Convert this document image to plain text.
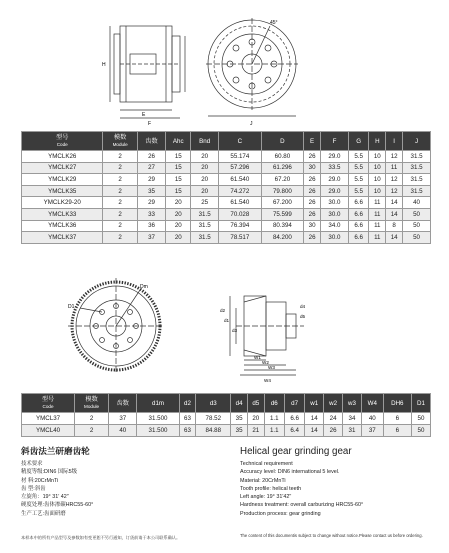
H
E
F
45°
J
型号
Code	模数
Module	齿数	Ahc	Bnd	C	D	E	F	G	H	I	J
YMCLK26	2	26	15	20	55.174	60.80	26	29.0	5.5	10	12	31.5
YMCLK27	2	27	15	20	57.296	61.296	30	33.5	5.5	10	11	31.5
YMCLK29	2	29	15	20	61.540	67.20	26	29.0	5.5	10	12	31.5
YMCLK35	2	35	15	20	74.272	79.800	26	29.0	5.5	10	12	31.5
YMCLK29-20	2	29	20	25	61.540	67.200	26	30.0	6.6	11	14	40
YMCLK33	2	33	20	31.5	70.028	75.599	26	30.0	6.6	11	14	50
YMCLK36	2	36	20	31.5	76.394	80.394	30	34.0	6.6	11	8	50
YMCLK37	2	37	20	31.5	78.517	84.200	26	30.0	6.6	11	14	50
D1
Dm
d2
d1
d3
d4
d5
W1
W2
W3
W4
型号
Code	模数
Module	齿数	d1m	d2	d3	d4	d5	d6	d7	w1	w2	w3	W4	DH6	D1
YMCL37	2	37	31.500	63	78.52	35	20	1.1	6.6	14	24	34	40	6	50
YMCL40	2	40	31.500	63	84.88	35	21	1.1	6.4	14	26	31	37	6	50
斜齿法兰研磨齿轮
技术要求
精度等级:DIN6 国际5级
材 料:20CrMnTi
齿 型:斜齿
左旋角：19° 31′ 42″
硬度处理:齿体渗碳HRC55-60°
生产工艺:齿面研磨
Helical gear grinding gear
Technical requirement
Accuracy level: DIN6 international 5 level.
Material: 20CrMnTi
Tooth profile: helical teeth
Left angle: 19° 31'42"
Hardness treatment: overall carburizing HRC55-60°
Production process: gear grinding
本样本中的所有产品型号及参数如有变更恕不另行通知，订货前请于本公司联系确认。	The content of this documentis subject to change without notice.Please contact us before ordering.
